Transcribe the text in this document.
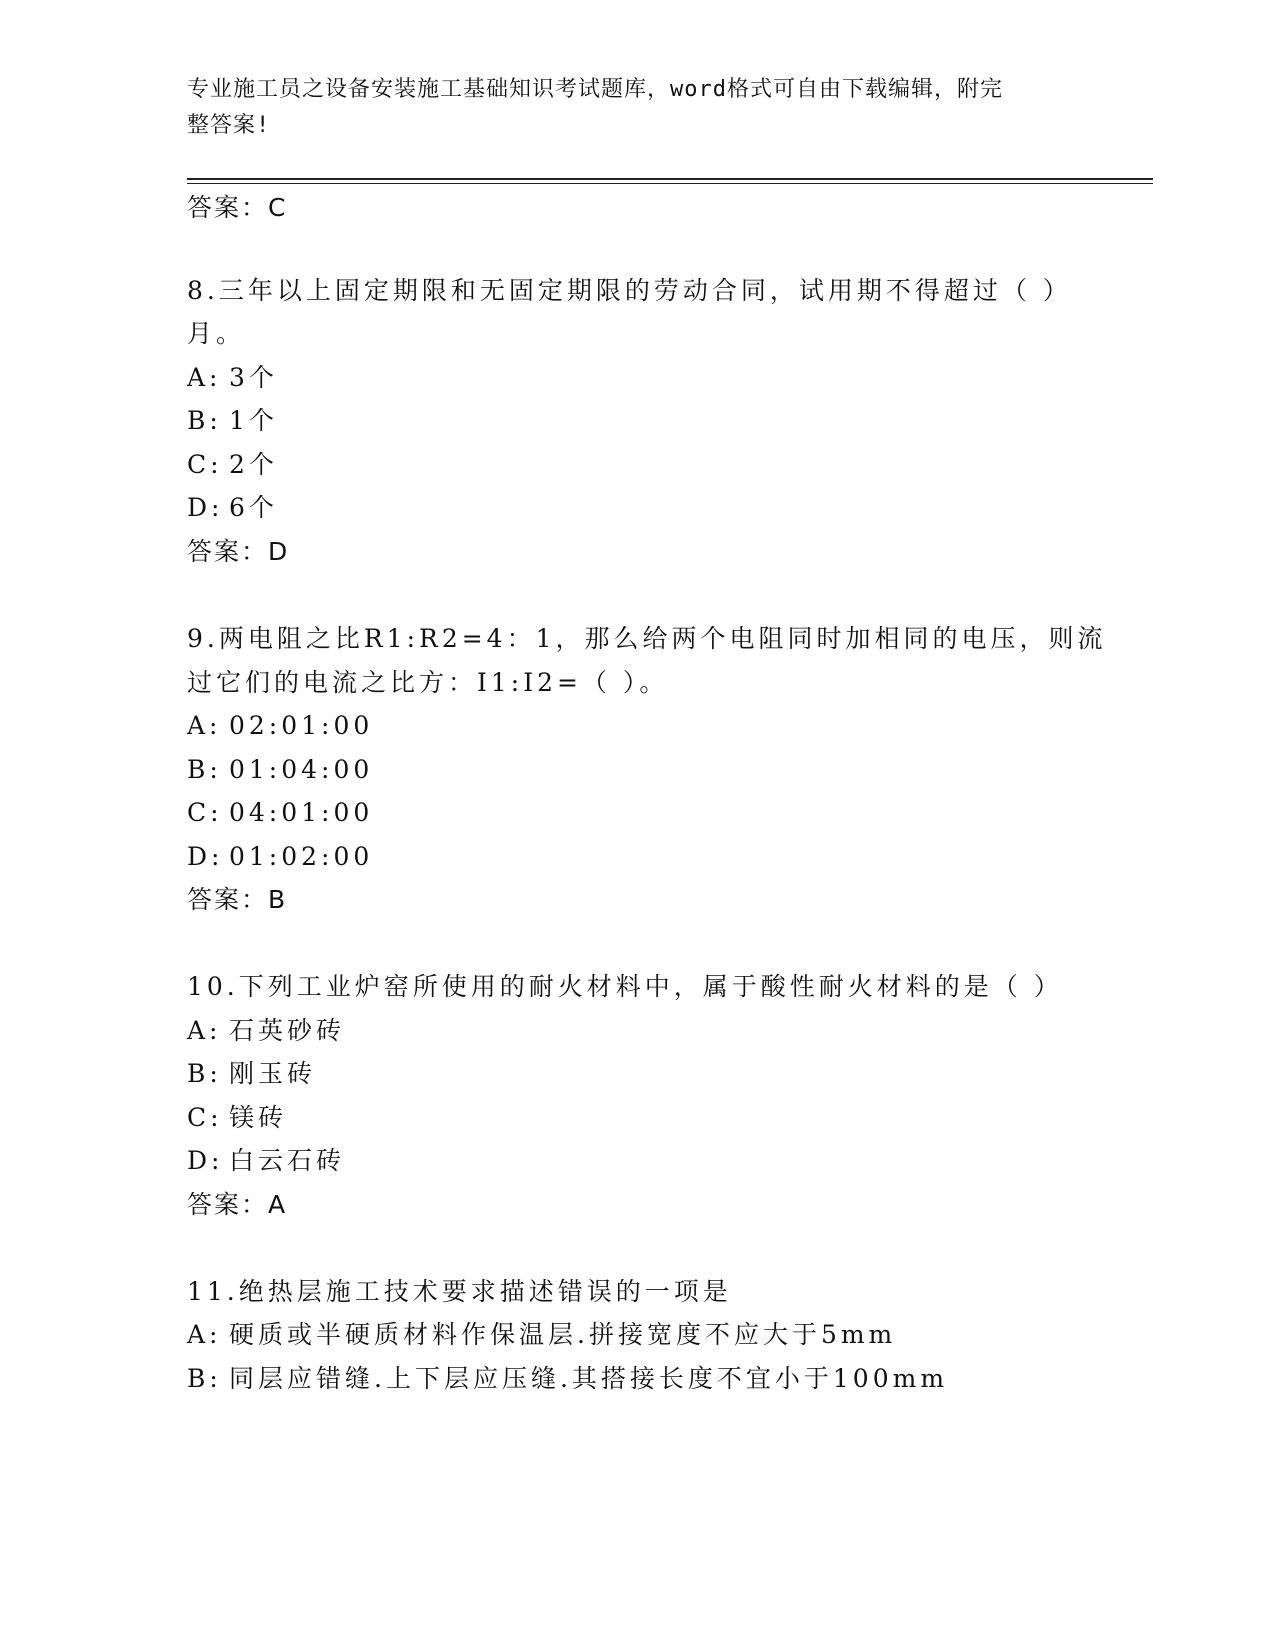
专业施工员之设备安装施工基础知识考试题库，word格式可自由下载编辑，附完
整答案!
答案：C
8.三年以上固定期限和无固定期限的劳动合同，试用期不得超过（ ）
月。
A: 3个
B: 1个
C: 2个
D: 6个
答案：D
9.两电阻之比R1:R2=4：1，那么给两个电阻同时加相同的电压，则流
过它们的电流之比方：I1:I2=（ ）。
A: 02:01:00
B: 01:04:00
C: 04:01:00
D: 01:02:00
答案：B
10.下列工业炉窑所使用的耐火材料中，属于酸性耐火材料的是（ ）
A: 石英砂砖
B: 刚玉砖
C: 镁砖
D: 白云石砖
答案：A
11.绝热层施工技术要求描述错误的一项是
A: 硬质或半硬质材料作保温层.拼接宽度不应大于5mm
B: 同层应错缝.上下层应压缝.其搭接长度不宜小于100mm
